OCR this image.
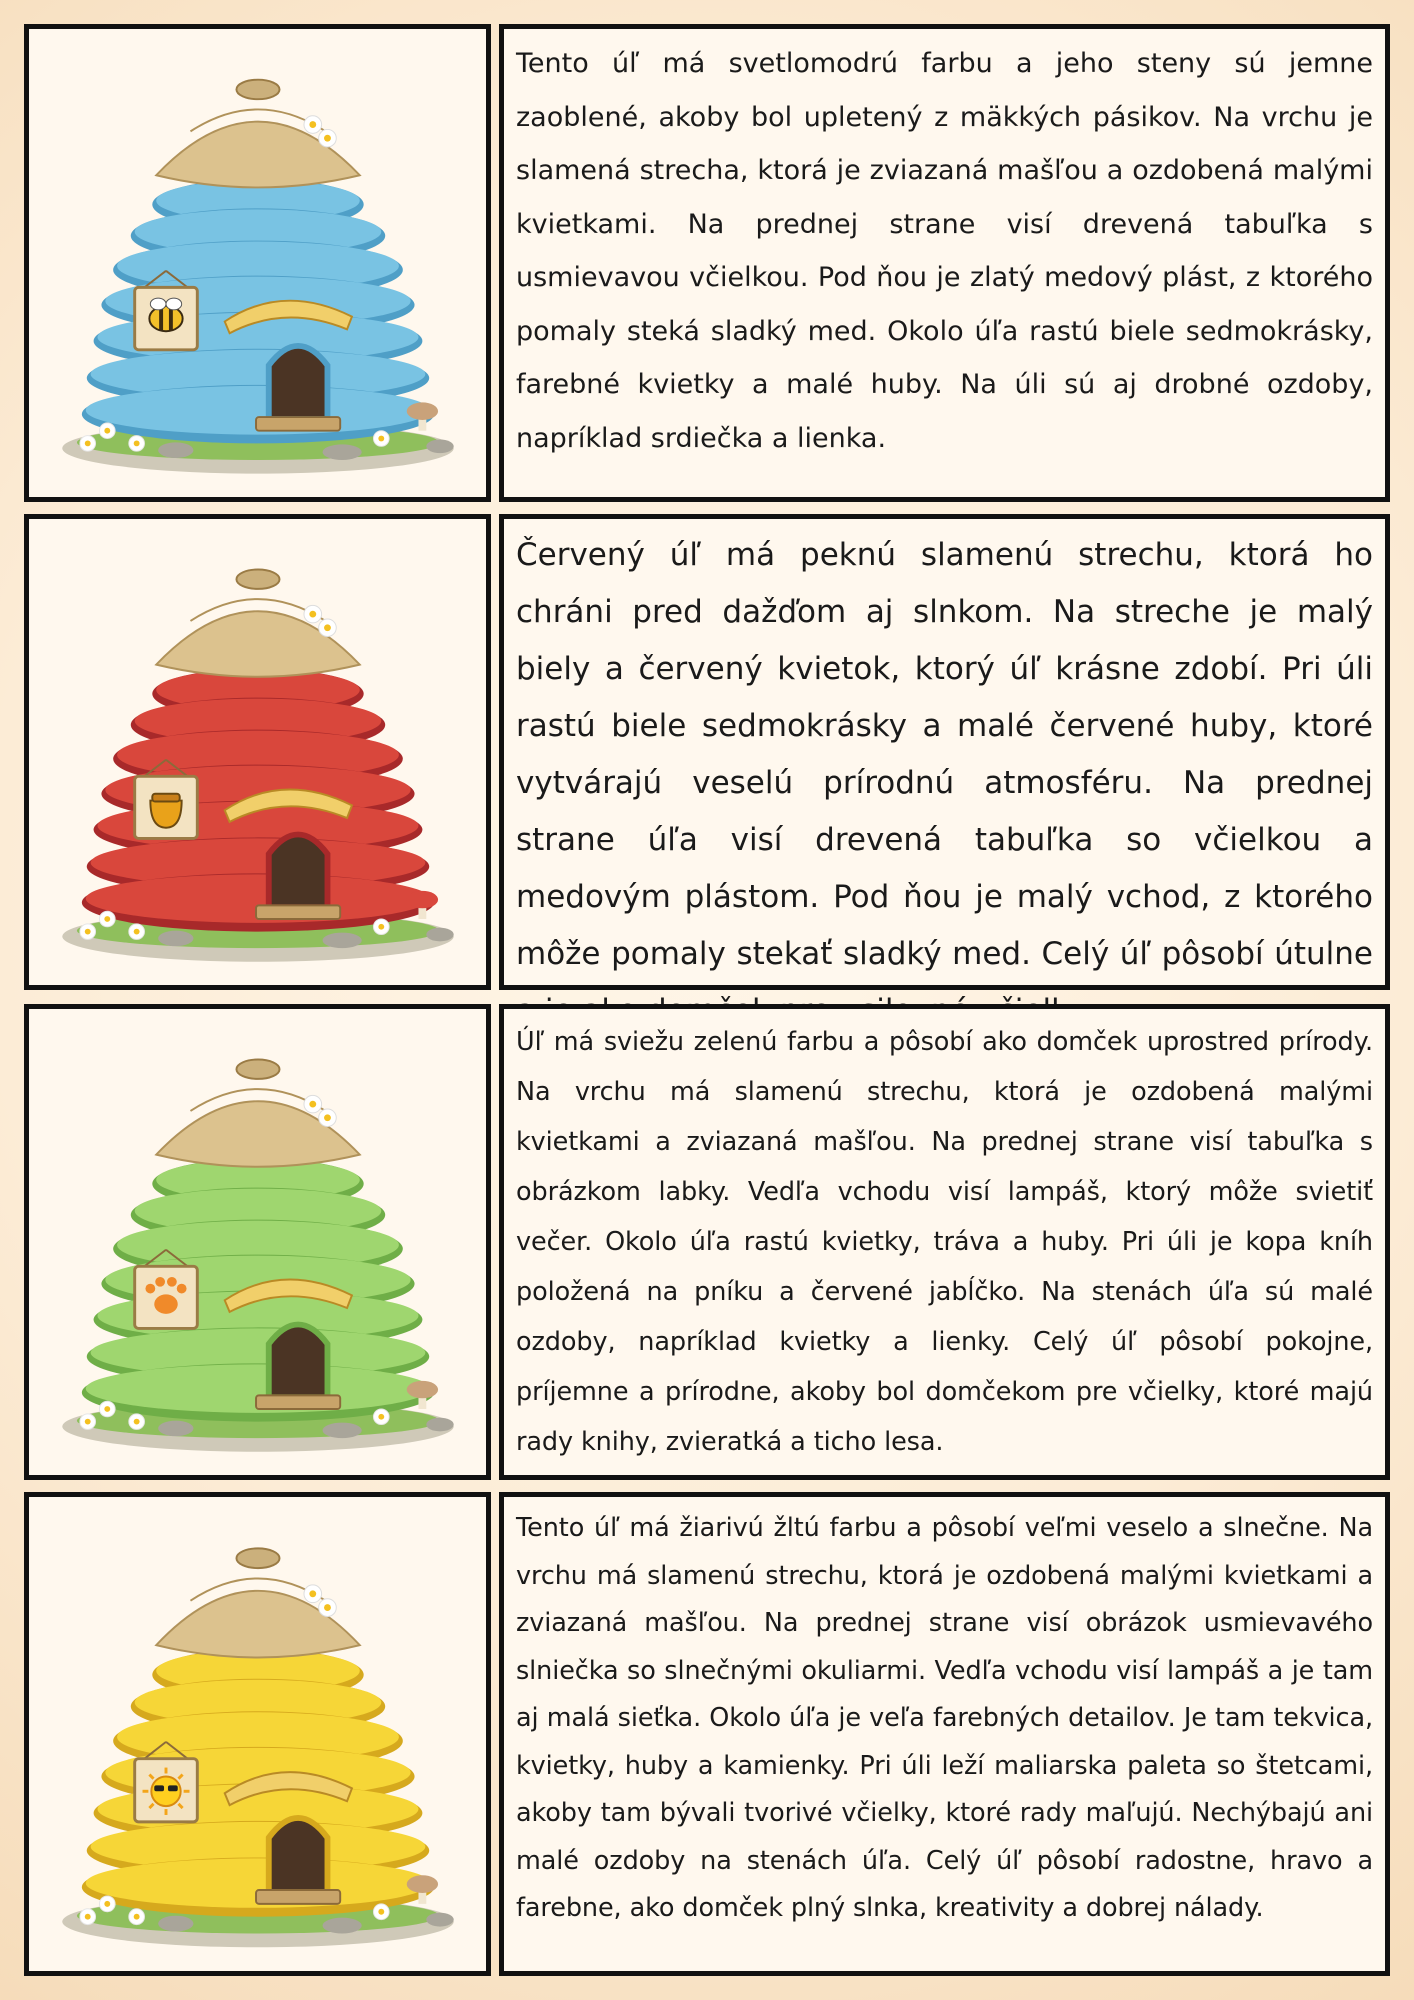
Tento úľ má svetlomodrú farbu a jeho steny sú jemne zaoblené, akoby bol upletený z mäkkých pásikov. Na vrchu je slamená strecha, ktorá je zviazaná mašľou a ozdobená malými kvietkami. Na prednej strane visí drevená tabuľka s usmievavou včielkou. Pod ňou je zlatý medový plást, z ktorého pomaly steká sladký med. Okolo úľa rastú biele sedmokrásky, farebné kvietky a malé huby. Na úli sú aj drobné ozdoby, napríklad srdiečka a lienka.

Červený úľ má peknú slamenú strechu, ktorá ho chráni pred dažďom aj slnkom. Na streche je malý biely a červený kvietok, ktorý úľ krásne zdobí. Pri úli rastú biele sedmokrásky a malé červené huby, ktoré vytvárajú veselú prírodnú atmosféru. Na prednej strane úľa visí drevená tabuľka so včielkou a medovým plástom. Pod ňou je malý vchod, z ktorého môže pomaly stekať sladký med. Celý úľ pôsobí útulne

Úľ má sviežu zelenú farbu a pôsobí ako domček uprostred prírody. Na vrchu má slamenú strechu, ktorá je ozdobená malými kvietkami a zviazaná mašľou. Na prednej strane visí tabuľka s obrázkom labky. Vedľa vchodu visí lampáš, ktorý môže svietiť večer. Okolo úľa rastú kvietky, tráva a huby. Pri úli je kopa kníh položená na pníku a červené jabĺčko. Na stenách úľa sú malé ozdoby, napríklad kvietky a lienky. Celý úľ pôsobí pokojne, príjemne a prírodne, akoby bol domčekom pre včielky, ktoré majú rady knihy, zvieratká a ticho lesa.

Tento úľ má žiarivú žltú farbu a pôsobí veľmi veselo a slnečne. Na vrchu má slamenú strechu, ktorá je ozdobená malými kvietkami a zviazaná mašľou. Na prednej strane visí obrázok usmievavého slniečka so slnečnými okuliarmi. Vedľa vchodu visí lampáš a je tam aj malá sieťka. Okolo úľa je veľa farebných detailov. Je tam tekvica, kvietky, huby a kamienky. Pri úli leží maliarska paleta so štetcami, akoby tam bývali tvorivé včielky, ktoré rady maľujú. Nechýbajú ani malé ozdoby na stenách úľa. Celý úľ pôsobí radostne, hravo a farebne, ako domček plný slnka, kreativity a dobrej nálady.
